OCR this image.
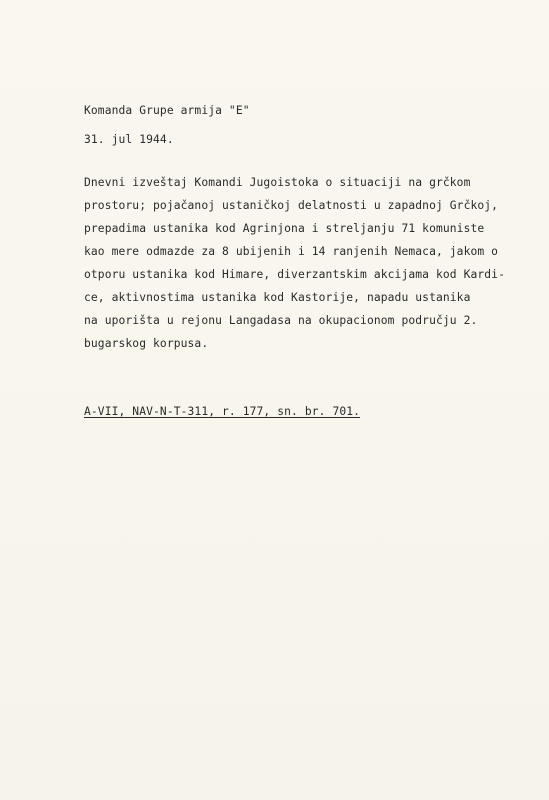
Komanda Grupe armija "E"
31. jul 1944.
Dnevni izveštaj Komandi Jugoistoka o situaciji na grčkom
prostoru; pojačanoj ustaničkoj delatnosti u zapadnoj Grčkoj,
prepadima ustanika kod Agrinjona i streljanju 71 komuniste
kao mere odmazde za 8 ubijenih i 14 ranjenih Nemaca, jakom o
otporu ustanika kod Himare, diverzantskim akcijama kod Kardi-
ce, aktivnostima ustanika kod Kastorije, napadu ustanika
na uporišta u rejonu Langadasa na okupacionom području 2.
bugarskog korpusa.
A-VII, NAV-N-T-311, r. 177, sn. br. 701.
